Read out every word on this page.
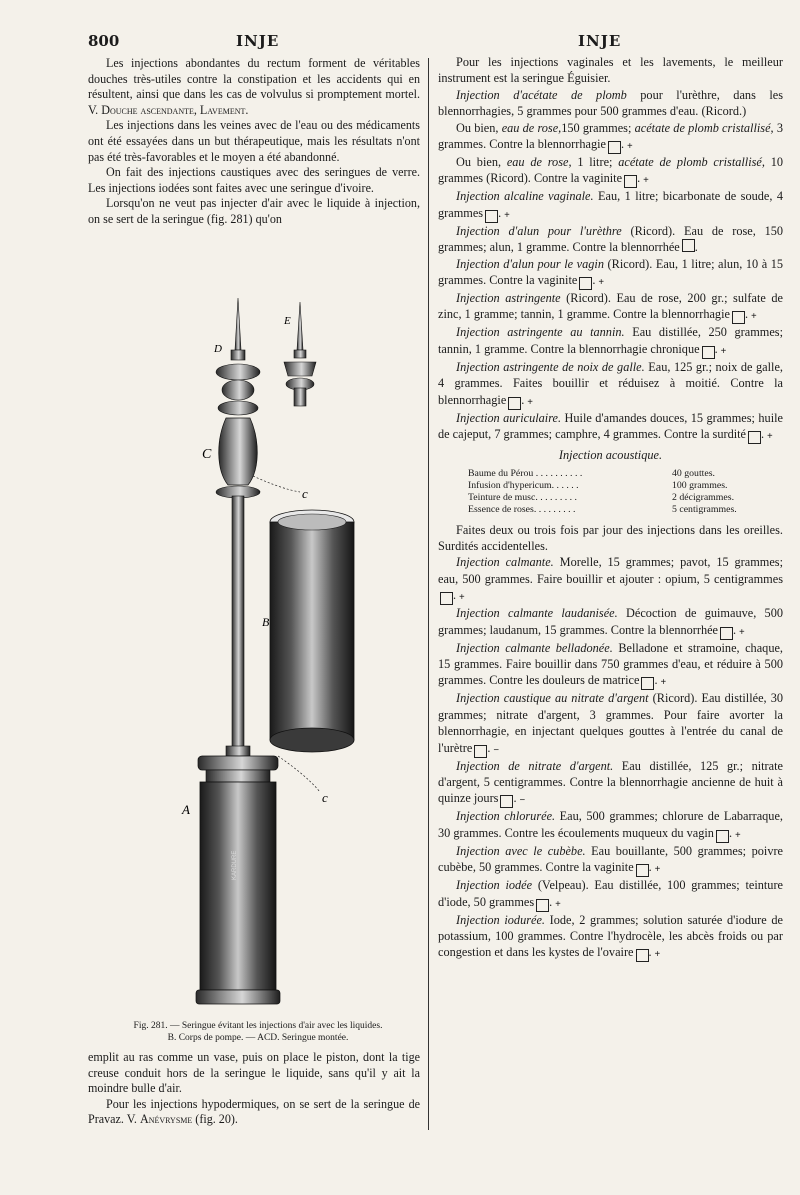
800	INJE	INJE

Les injections abondantes du rectum forment de véritables douches très-utiles contre la constipation et les accidents qui en résultent, ainsi que dans les cas de volvulus si promptement mortel. V. Douche ascendante, Lavement.

Les injections dans les veines avec de l'eau ou des médicaments ont été essayées dans un but thérapeutique, mais les résultats n'ont pas été très-favorables et le moyen a été abandonné.

On fait des injections caustiques avec des seringues de verre. Les injections iodées sont faites avec une seringue d'ivoire.

Lorsqu'on ne veut pas injecter d'air avec le liquide à injection, on se sert de la seringue (fig. 281) qu'on

KARDURE
D
E
C
c
B
A
c
Fig. 281. — Seringue évitant les injections d'air avec les liquides.
B. Corps de pompe. — ACD. Seringue montée.

emplit au ras comme un vase, puis on place le piston, dont la tige creuse conduit hors de la seringue le liquide, sans qu'il y ait la moindre bulle d'air.

Pour les injections hypodermiques, on se sert de la seringue de Pravaz. V. Anévrysme (fig. 20).

Pour les injections vaginales et les lavements, le meilleur instrument est la seringue Éguisier.

Injection d'acétate de plomb pour l'urèthre, dans les blennorrhagies, 5 grammes pour 500 grammes d'eau. (Ricord.)

Ou bien, eau de rose,150 grammes; acétate de plomb cristallisé, 3 grammes. Contre la blennorrhagie +.

Ou bien, eau de rose, 1 litre; acétate de plomb cristallisé, 10 grammes (Ricord). Contre la vaginite +.

Injection alcaline vaginale. Eau, 1 litre; bicarbonate de soude, 4 grammes +.

Injection d'alun pour l'urèthre (Ricord). Eau de rose, 150 grammes; alun, 1 gramme. Contre la blennorrhée .

Injection d'alun pour le vagin (Ricord). Eau, 1 litre; alun, 10 à 15 grammes. Contre la vaginite +.

Injection astringente (Ricord). Eau de rose, 200 gr.; sulfate de zinc, 1 gramme; tannin, 1 gramme. Contre la blennorrhagie +.

Injection astringente au tannin. Eau distillée, 250 grammes; tannin, 1 gramme. Contre la blennorrhagie chronique +.

Injection astringente de noix de galle. Eau, 125 gr.; noix de galle, 4 grammes. Faites bouillir et réduisez à moitié. Contre la blennorrhagie +.

Injection auriculaire. Huile d'amandes douces, 15 grammes; huile de cajeput, 7 grammes; camphre, 4 grammes. Contre la surdité +.

Injection acoustique.

Baume du Pérou . . . . . . . . . .	40 gouttes.
Infusion d'hypericum. . . . . .	100 grammes.
Teinture de musc. . . . . . . . .	2 décigrammes.
Essence de roses. . . . . . . . .	5 centigrammes.

Faites deux ou trois fois par jour des injections dans les oreilles. Surdités accidentelles.

Injection calmante. Morelle, 15 grammes; pavot, 15 grammes; eau, 500 grammes. Faire bouillir et ajouter : opium, 5 centigrammes+.

Injection calmante laudanisée. Décoction de guimauve, 500 grammes; laudanum, 15 grammes. Contre la blennorrhée +.

Injection calmante belladonée. Belladone et stramoine, chaque, 15 grammes. Faire bouillir dans 750 grammes d'eau, et réduire à 500 grammes. Contre les douleurs de matrice +.

Injection caustique au nitrate d'argent (Ricord). Eau distillée, 30 grammes; nitrate d'argent, 3 grammes. Pour faire avorter la blennorrhagie, en injectant quelques gouttes à l'entrée du canal de l'urètre −.

Injection de nitrate d'argent. Eau distillée, 125 gr.; nitrate d'argent, 5 centigrammes. Contre la blennorrhagie ancienne de huit à quinze jours −.

Injection chlorurée. Eau, 500 grammes; chlorure de Labarraque, 30 grammes. Contre les écoulements muqueux du vagin +.

Injection avec le cubèbe. Eau bouillante, 500 grammes; poivre cubèbe, 50 grammes. Contre la vaginite +.

Injection iodée (Velpeau). Eau distillée, 100 grammes; teinture d'iode, 50 grammes +.

Injection iodurée. Iode, 2 grammes; solution saturée d'iodure de potassium, 100 grammes. Contre l'hydrocèle, les abcès froids ou par congestion et dans les kystes de l'ovaire +.
